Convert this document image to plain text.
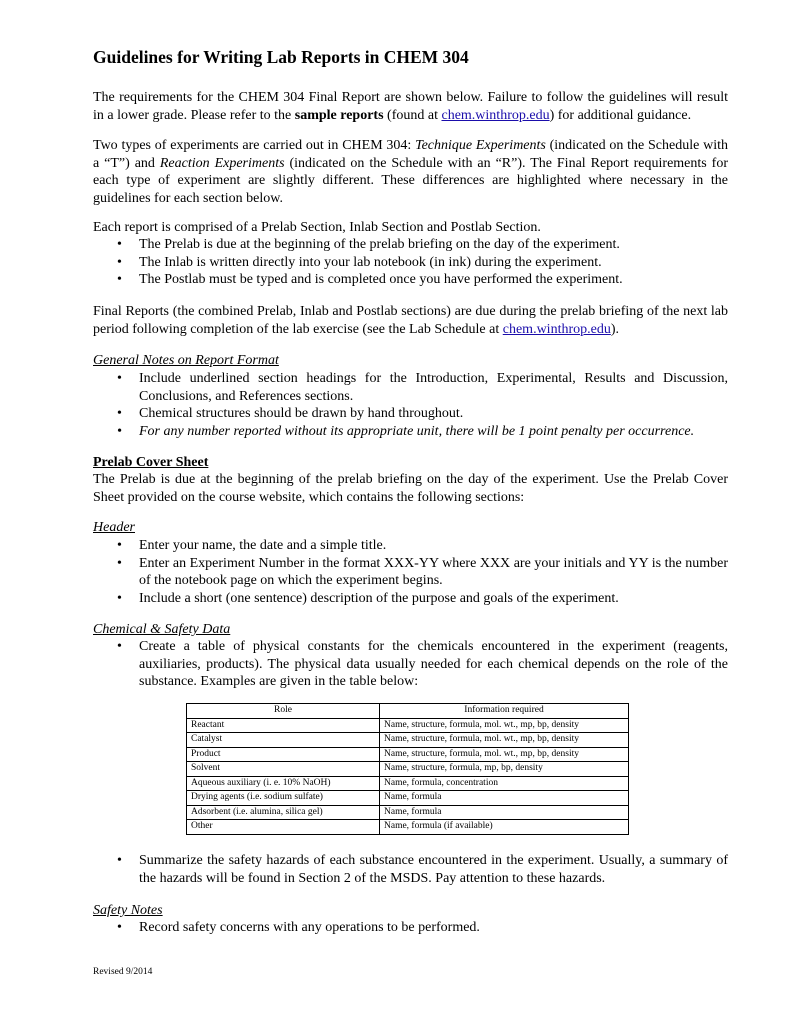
Guidelines for Writing Lab Reports in CHEM 304

The requirements for the CHEM 304 Final Report are shown below. Failure to follow the guidelines will result in a lower grade. Please refer to the sample reports (found at chem.winthrop.edu) for additional guidance.

Two types of experiments are carried out in CHEM 304: Technique Experiments (indicated on the Schedule with a “T”) and Reaction Experiments (indicated on the Schedule with an “R”). The Final Report requirements for each type of experiment are slightly different. These differences are highlighted where necessary in the guidelines for each section below.

Each report is comprised of a Prelab Section, Inlab Section and Postlab Section.

• The Prelab is due at the beginning of the prelab briefing on the day of the experiment.
• The Inlab is written directly into your lab notebook (in ink) during the experiment.
• The Postlab must be typed and is completed once you have performed the experiment.

Final Reports (the combined Prelab, Inlab and Postlab sections) are due during the prelab briefing of the next lab period following completion of the lab exercise (see the Lab Schedule at chem.winthrop.edu).

General Notes on Report Format

• Include underlined section headings for the Introduction, Experimental, Results and Discussion, Conclusions, and References sections.
• Chemical structures should be drawn by hand throughout.
• For any number reported without its appropriate unit, there will be 1 point penalty per occurrence.

Prelab Cover Sheet

The Prelab is due at the beginning of the prelab briefing on the day of the experiment. Use the Prelab Cover Sheet provided on the course website, which contains the following sections:

Header

• Enter your name, the date and a simple title.
• Enter an Experiment Number in the format XXX-YY where XXX are your initials and YY is the number of the notebook page on which the experiment begins.
• Include a short (one sentence) description of the purpose and goals of the experiment.

Chemical & Safety Data

• Create a table of physical constants for the chemicals encountered in the experiment (reagents, auxiliaries, products). The physical data usually needed for each chemical depends on the role of the substance. Examples are given in the table below:
Role	Information required
Reactant	Name, structure, formula, mol. wt., mp, bp, density
Catalyst	Name, structure, formula, mol. wt., mp, bp, density
Product	Name, structure, formula, mol. wt., mp, bp, density
Solvent	Name, structure, formula, mp, bp, density
Aqueous auxiliary (i. e. 10% NaOH)	Name, formula, concentration
Drying agents (i.e. sodium sulfate)	Name, formula
Adsorbent (i.e. alumina, silica gel)	Name, formula
Other	Name, formula (if available)
• Summarize the safety hazards of each substance encountered in the experiment. Usually, a summary of the hazards will be found in Section 2 of the MSDS. Pay attention to these hazards.

Safety Notes

• Record safety concerns with any operations to be performed.
Revised 9/2014
